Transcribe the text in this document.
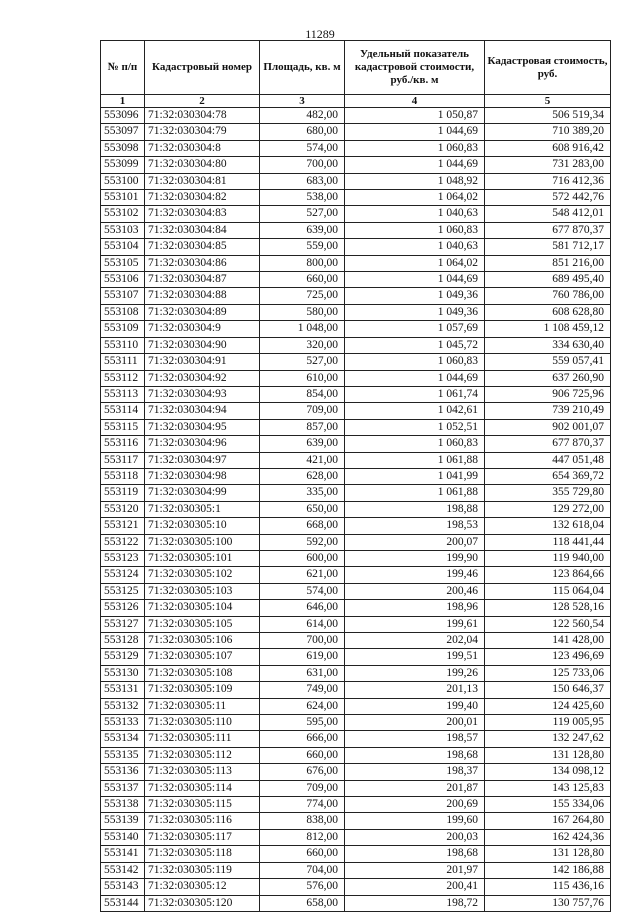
11289
№ п/п	Кадастровый номер	Площадь, кв. м	Удельный показатель кадастровой стоимости, руб./кв. м	Кадастровая стоимость, руб.
1	2	3	4	5
553096	71:32:030304:78	482,00	1 050,87	506 519,34
553097	71:32:030304:79	680,00	1 044,69	710 389,20
553098	71:32:030304:8	574,00	1 060,83	608 916,42
553099	71:32:030304:80	700,00	1 044,69	731 283,00
553100	71:32:030304:81	683,00	1 048,92	716 412,36
553101	71:32:030304:82	538,00	1 064,02	572 442,76
553102	71:32:030304:83	527,00	1 040,63	548 412,01
553103	71:32:030304:84	639,00	1 060,83	677 870,37
553104	71:32:030304:85	559,00	1 040,63	581 712,17
553105	71:32:030304:86	800,00	1 064,02	851 216,00
553106	71:32:030304:87	660,00	1 044,69	689 495,40
553107	71:32:030304:88	725,00	1 049,36	760 786,00
553108	71:32:030304:89	580,00	1 049,36	608 628,80
553109	71:32:030304:9	1 048,00	1 057,69	1 108 459,12
553110	71:32:030304:90	320,00	1 045,72	334 630,40
553111	71:32:030304:91	527,00	1 060,83	559 057,41
553112	71:32:030304:92	610,00	1 044,69	637 260,90
553113	71:32:030304:93	854,00	1 061,74	906 725,96
553114	71:32:030304:94	709,00	1 042,61	739 210,49
553115	71:32:030304:95	857,00	1 052,51	902 001,07
553116	71:32:030304:96	639,00	1 060,83	677 870,37
553117	71:32:030304:97	421,00	1 061,88	447 051,48
553118	71:32:030304:98	628,00	1 041,99	654 369,72
553119	71:32:030304:99	335,00	1 061,88	355 729,80
553120	71:32:030305:1	650,00	198,88	129 272,00
553121	71:32:030305:10	668,00	198,53	132 618,04
553122	71:32:030305:100	592,00	200,07	118 441,44
553123	71:32:030305:101	600,00	199,90	119 940,00
553124	71:32:030305:102	621,00	199,46	123 864,66
553125	71:32:030305:103	574,00	200,46	115 064,04
553126	71:32:030305:104	646,00	198,96	128 528,16
553127	71:32:030305:105	614,00	199,61	122 560,54
553128	71:32:030305:106	700,00	202,04	141 428,00
553129	71:32:030305:107	619,00	199,51	123 496,69
553130	71:32:030305:108	631,00	199,26	125 733,06
553131	71:32:030305:109	749,00	201,13	150 646,37
553132	71:32:030305:11	624,00	199,40	124 425,60
553133	71:32:030305:110	595,00	200,01	119 005,95
553134	71:32:030305:111	666,00	198,57	132 247,62
553135	71:32:030305:112	660,00	198,68	131 128,80
553136	71:32:030305:113	676,00	198,37	134 098,12
553137	71:32:030305:114	709,00	201,87	143 125,83
553138	71:32:030305:115	774,00	200,69	155 334,06
553139	71:32:030305:116	838,00	199,60	167 264,80
553140	71:32:030305:117	812,00	200,03	162 424,36
553141	71:32:030305:118	660,00	198,68	131 128,80
553142	71:32:030305:119	704,00	201,97	142 186,88
553143	71:32:030305:12	576,00	200,41	115 436,16
553144	71:32:030305:120	658,00	198,72	130 757,76
